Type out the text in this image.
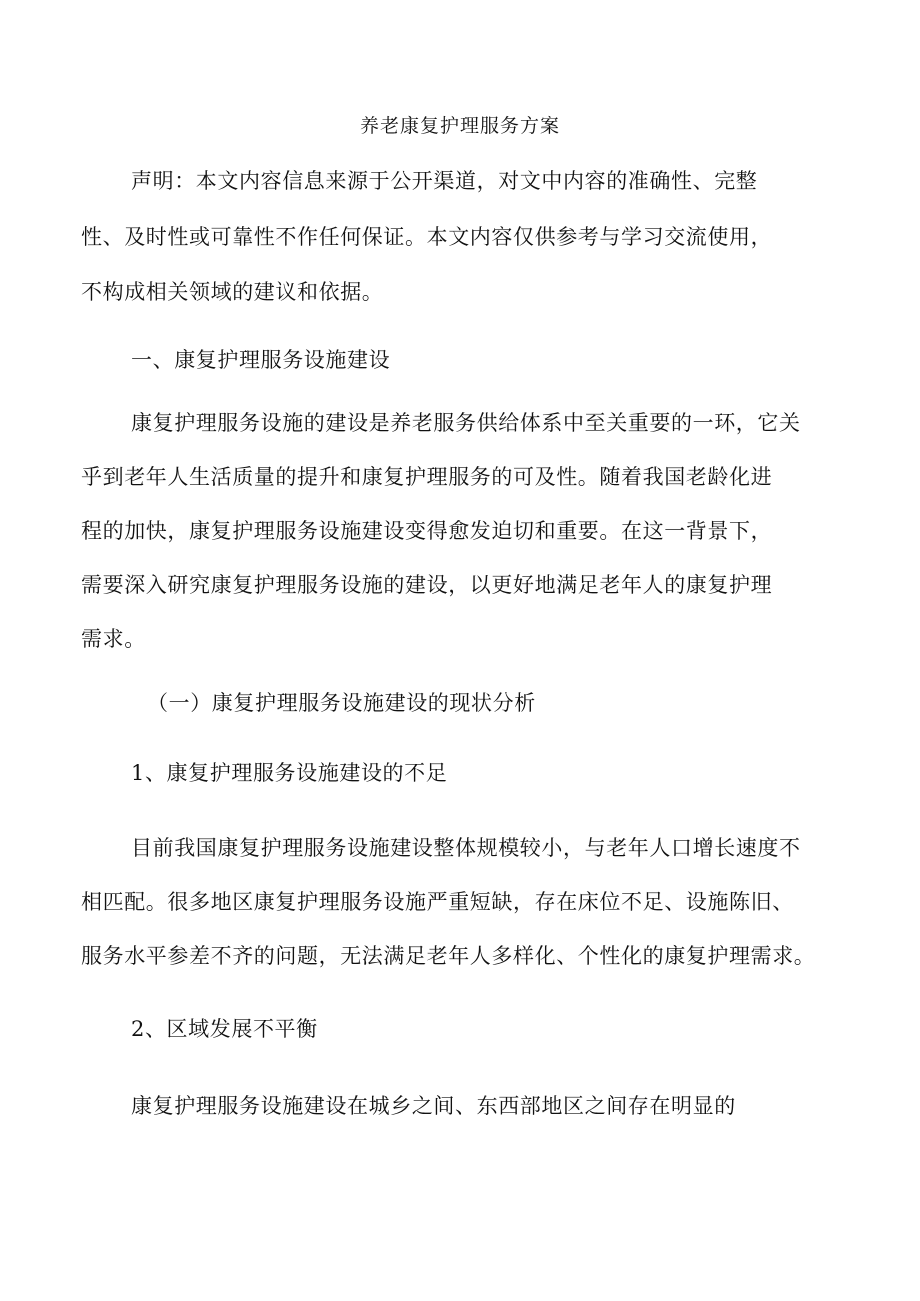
养老康复护理服务方案
声明：本文内容信息来源于公开渠道，对文中内容的准确性、完整
性、及时性或可靠性不作任何保证。本文内容仅供参考与学习交流使用，
不构成相关领域的建议和依据。
一、康复护理服务设施建设
康复护理服务设施的建设是养老服务供给体系中至关重要的一环，它关
乎到老年人生活质量的提升和康复护理服务的可及性。随着我国老龄化进
程的加快，康复护理服务设施建设变得愈发迫切和重要。在这一背景下，
需要深入研究康复护理服务设施的建设，以更好地满足老年人的康复护理
需求。
（一）康复护理服务设施建设的现状分析
1、康复护理服务设施建设的不足
目前我国康复护理服务设施建设整体规模较小，与老年人口增长速度不
相匹配。很多地区康复护理服务设施严重短缺，存在床位不足、设施陈旧、
服务水平参差不齐的问题，无法满足老年人多样化、个性化的康复护理需求。
2、区域发展不平衡
康复护理服务设施建设在城乡之间、东西部地区之间存在明显的
